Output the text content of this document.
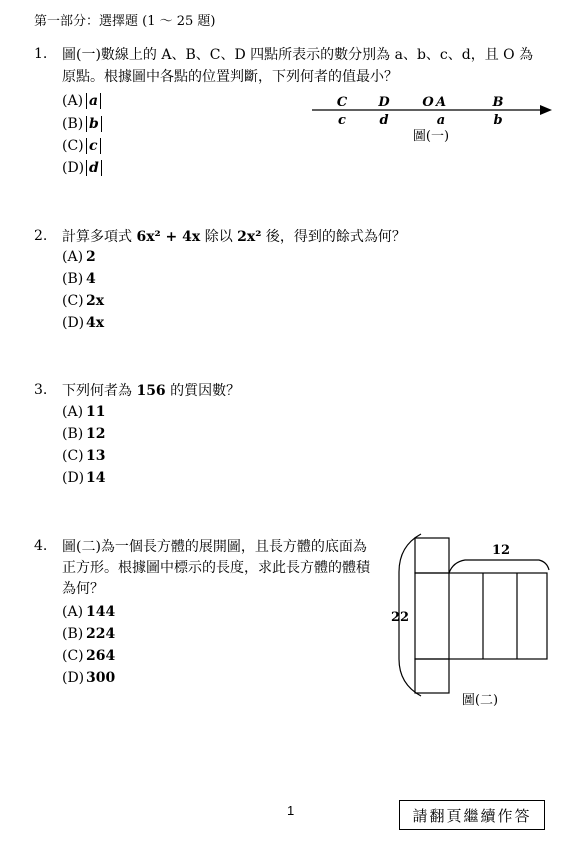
第一部分：選擇題 (1 ～ 25 題)
1. 圖(一)數線上的 A、B、C、D 四點所表示的數分別為 a、b、c、d，且 O 為
原點。根據圖中各點的位置判斷，下列何者的值最小？
(A) a
(B) b
(C) c
(D) d
C D	O A	B
c	d	a	b
圖(一)
2. 計算多項式 6x² + 4x 除以 2x² 後，得到的餘式為何？
(A) 2
(B) 4
(C) 2x
(D) 4x
3. 下列何者為 156 的質因數？
(A) 11
(B) 12
(C) 13
(D) 14
4. 圖(二)為一個長方體的展開圖，且長方體的底面為
正方形。根據圖中標示的長度，求此長方體的體積
為何？
(A) 144
(B) 224
(C) 264
(D) 300
12
22
圖(二)
1	請翻頁繼續作答
